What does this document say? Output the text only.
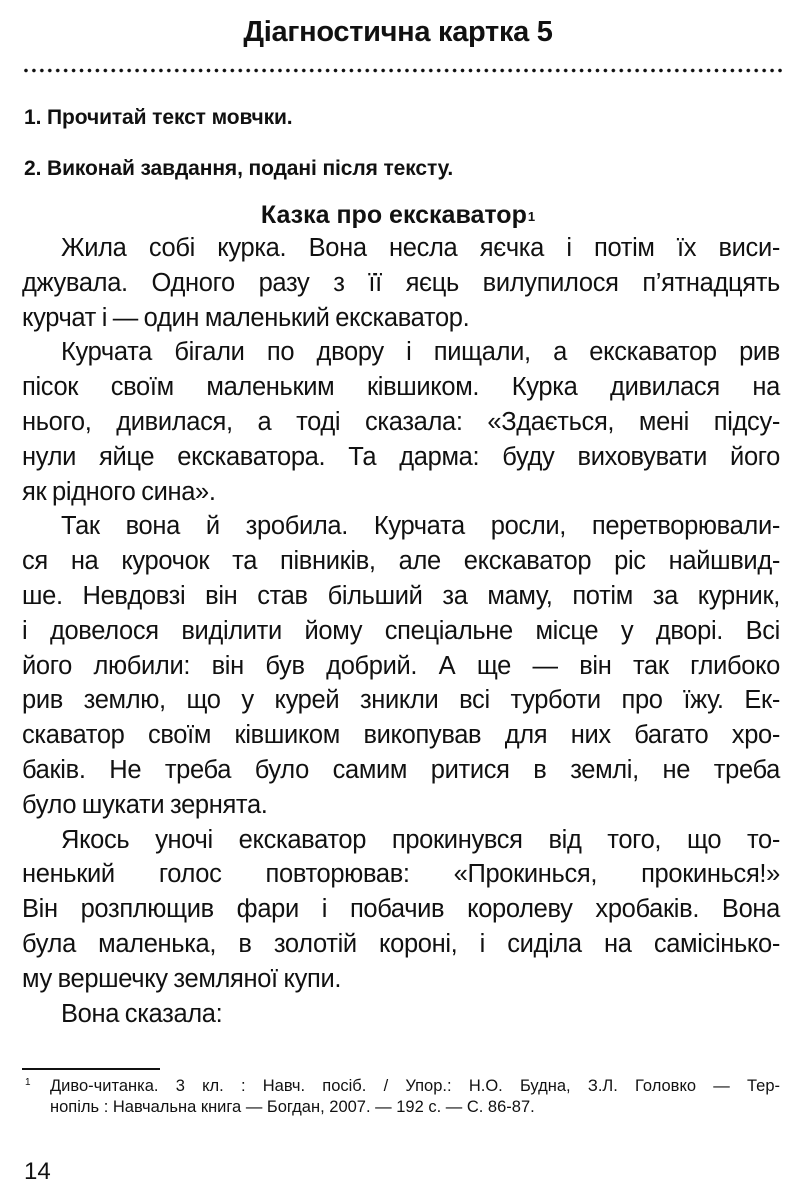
Діагностична картка 5
1. Прочитай текст мовчки.
2. Виконай завдання, подані після тексту.
Казка про екскаватор$^1$
Жила собі курка. Вона несла яєчка і потім їх виси-
джувала. Одного разу з її яєць вилупилося п’ятнадцять
курчат і — один маленький екскаватор.
Курчата бігали по двору і пищали, а екскаватор рив
пісок своїм маленьким ківшиком. Курка дивилася на
нього, дивилася, а тоді сказала: «Здається, мені підсу-
нули яйце екскаватора. Та дарма: буду виховувати його
як рідного сина».
Так вона й зробила. Курчата росли, перетворювали-
ся на курочок та півників, але екскаватор ріс найшвид-
ше. Невдовзі він став більший за маму, потім за курник,
і довелося виділити йому спеціальне місце у дворі. Всі
його любили: він був добрий. А ще — він так глибоко
рив землю, що у курей зникли всі турботи про їжу. Ек-
скаватор своїм ківшиком викопував для них багато хро-
баків. Не треба було самим ритися в землі, не треба
було шукати зернята.
Якось уночі екскаватор прокинувся від того, що то-
ненький голос повторював: «Прокинься, прокинься!»
Він розплющив фари і побачив королеву хробаків. Вона
була маленька, в золотій короні, і сиділа на самісінько-
му вершечку земляної купи.
Вона сказала:
1 Диво-читанка. 3 кл. : Навч. посіб. / Упор.: Н.О. Будна, З.Л. Головко — Тер-
нопіль : Навчальна книга — Богдан, 2007. — 192 с. — С. 86-87.
14
